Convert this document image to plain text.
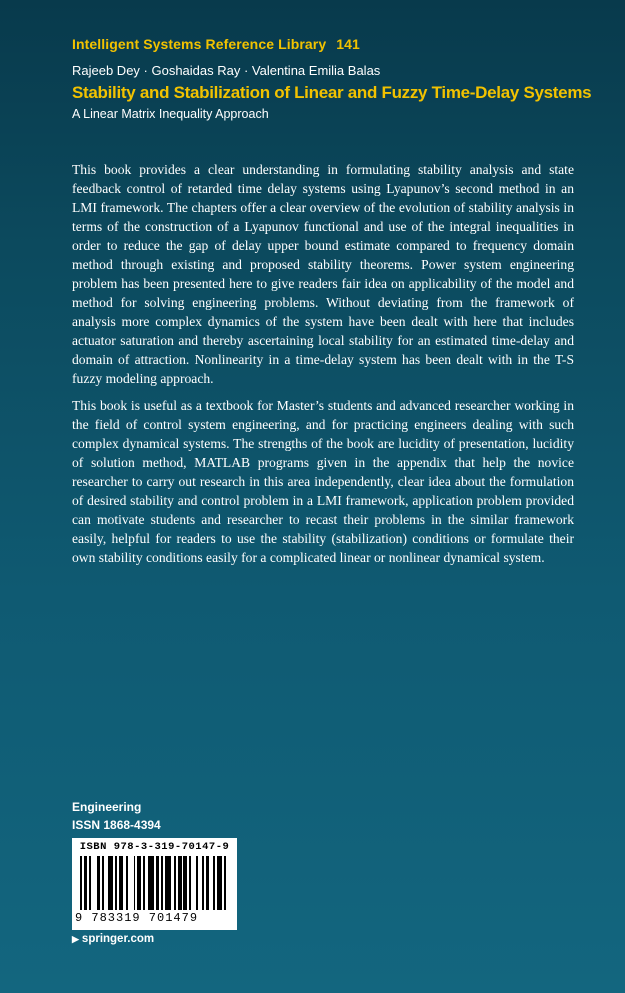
Intelligent Systems Reference Library 141
Rajeeb Dey · Goshaidas Ray · Valentina Emilia Balas
Stability and Stabilization of Linear and Fuzzy Time-Delay Systems
A Linear Matrix Inequality Approach

This book provides a clear understanding in formulating stability analysis and state feedback control of retarded time delay systems using Lyapunov’s second method in an LMI framework. The chapters offer a clear overview of the evolution of stability analysis in terms of the construction of a Lyapunov functional and use of the integral inequalities in order to reduce the gap of delay upper bound estimate compared to frequency domain method through existing and proposed stability theorems. Power system engineering problem has been presented here to give readers fair idea on applicability of the model and method for solving engineering problems. Without deviating from the framework of analysis more complex dynamics of the system have been dealt with here that includes actuator saturation and thereby ascertaining local stability for an estimated time-delay and domain of attraction. Nonlinearity in a time-delay system has been dealt with in the T-S fuzzy modeling approach.

This book is useful as a textbook for Master’s students and advanced researcher working in the field of control system engineering, and for practicing engineers dealing with such complex dynamical systems. The strengths of the book are lucidity of presentation, lucidity of solution method, MATLAB programs given in the appendix that help the novice researcher to carry out research in this area independently, clear idea about the formulation of desired stability and control problem in a LMI framework, application problem provided can motivate students and researcher to recast their problems in the similar framework easily, helpful for readers to use the stability (stabilization) conditions or formulate their own stability conditions easily for a complicated linear or nonlinear dynamical system.

Engineering
ISSN 1868-4394
ISBN 978-3-319-70147-9
9 783319 701479
▶ springer.com
